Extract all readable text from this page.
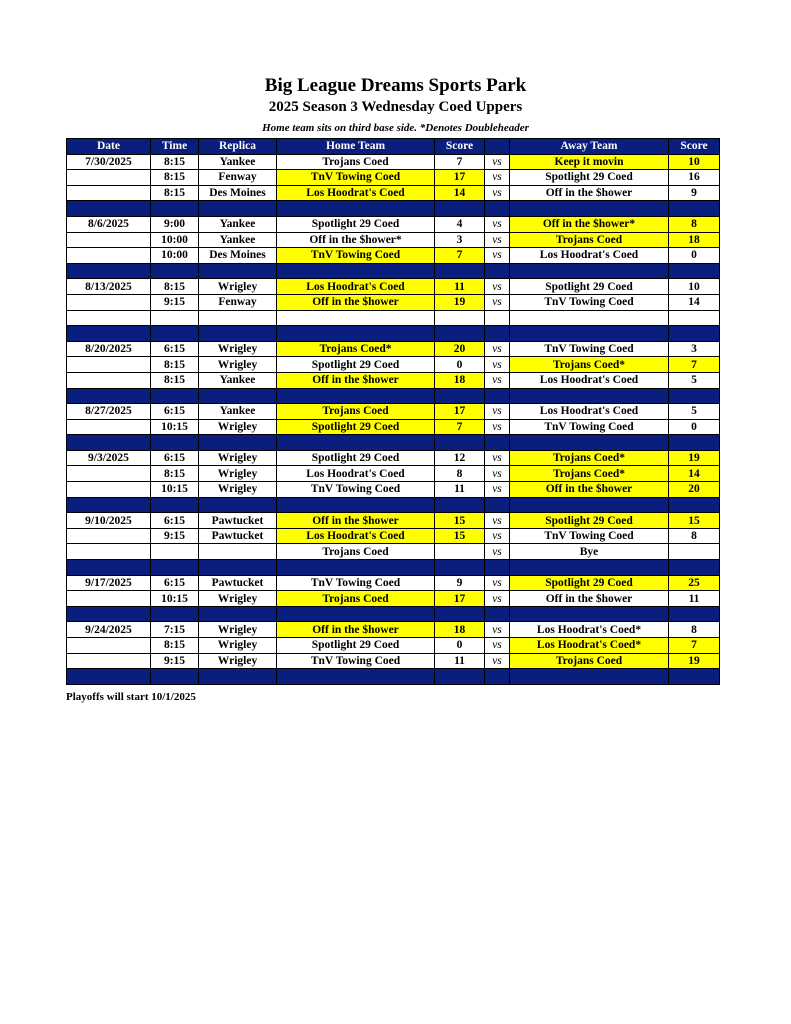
Big League Dreams Sports Park
2025 Season 3 Wednesday Coed Uppers
Home team sits on third base side. *Denotes Doubleheader
Date	Time	Replica	Home Team	Score		Away Team	Score
7/30/2025	8:15	Yankee	Trojans Coed	7	vs	Keep it movin	10
	8:15	Fenway	TnV Towing Coed	17	vs	Spotlight 29 Coed	16
	8:15	Des Moines	Los Hoodrat's Coed	14	vs	Off in the $hower	9

8/6/2025	9:00	Yankee	Spotlight 29 Coed	4	vs	Off in the $hower*	8
	10:00	Yankee	Off in the $hower*	3	vs	Trojans Coed	18
	10:00	Des Moines	TnV Towing Coed	7	vs	Los Hoodrat's Coed	0

8/13/2025	8:15	Wrigley	Los Hoodrat's Coed	11	vs	Spotlight 29 Coed	10
	9:15	Fenway	Off in the $hower	19	vs	TnV Towing Coed	14

8/20/2025	6:15	Wrigley	Trojans Coed*	20	vs	TnV Towing Coed	3
	8:15	Wrigley	Spotlight 29 Coed	0	vs	Trojans Coed*	7
	8:15	Yankee	Off in the $hower	18	vs	Los Hoodrat's Coed	5

8/27/2025	6:15	Yankee	Trojans Coed	17	vs	Los Hoodrat's Coed	5
	10:15	Wrigley	Spotlight 29 Coed	7	vs	TnV Towing Coed	0

9/3/2025	6:15	Wrigley	Spotlight 29 Coed	12	vs	Trojans Coed*	19
	8:15	Wrigley	Los Hoodrat's Coed	8	vs	Trojans Coed*	14
	10:15	Wrigley	TnV Towing Coed	11	vs	Off in the $hower	20

9/10/2025	6:15	Pawtucket	Off in the $hower	15	vs	Spotlight 29 Coed	15
	9:15	Pawtucket	Los Hoodrat's Coed	15	vs	TnV Towing Coed	8
			Trojans Coed		vs	Bye	

9/17/2025	6:15	Pawtucket	TnV Towing Coed	9	vs	Spotlight 29 Coed	25
	10:15	Wrigley	Trojans Coed	17	vs	Off in the $hower	11

9/24/2025	7:15	Wrigley	Off in the $hower	18	vs	Los Hoodrat's Coed*	8
	8:15	Wrigley	Spotlight 29 Coed	0	vs	Los Hoodrat's Coed*	7
	9:15	Wrigley	TnV Towing Coed	11	vs	Trojans Coed	19

Playoffs will start 10/1/2025
